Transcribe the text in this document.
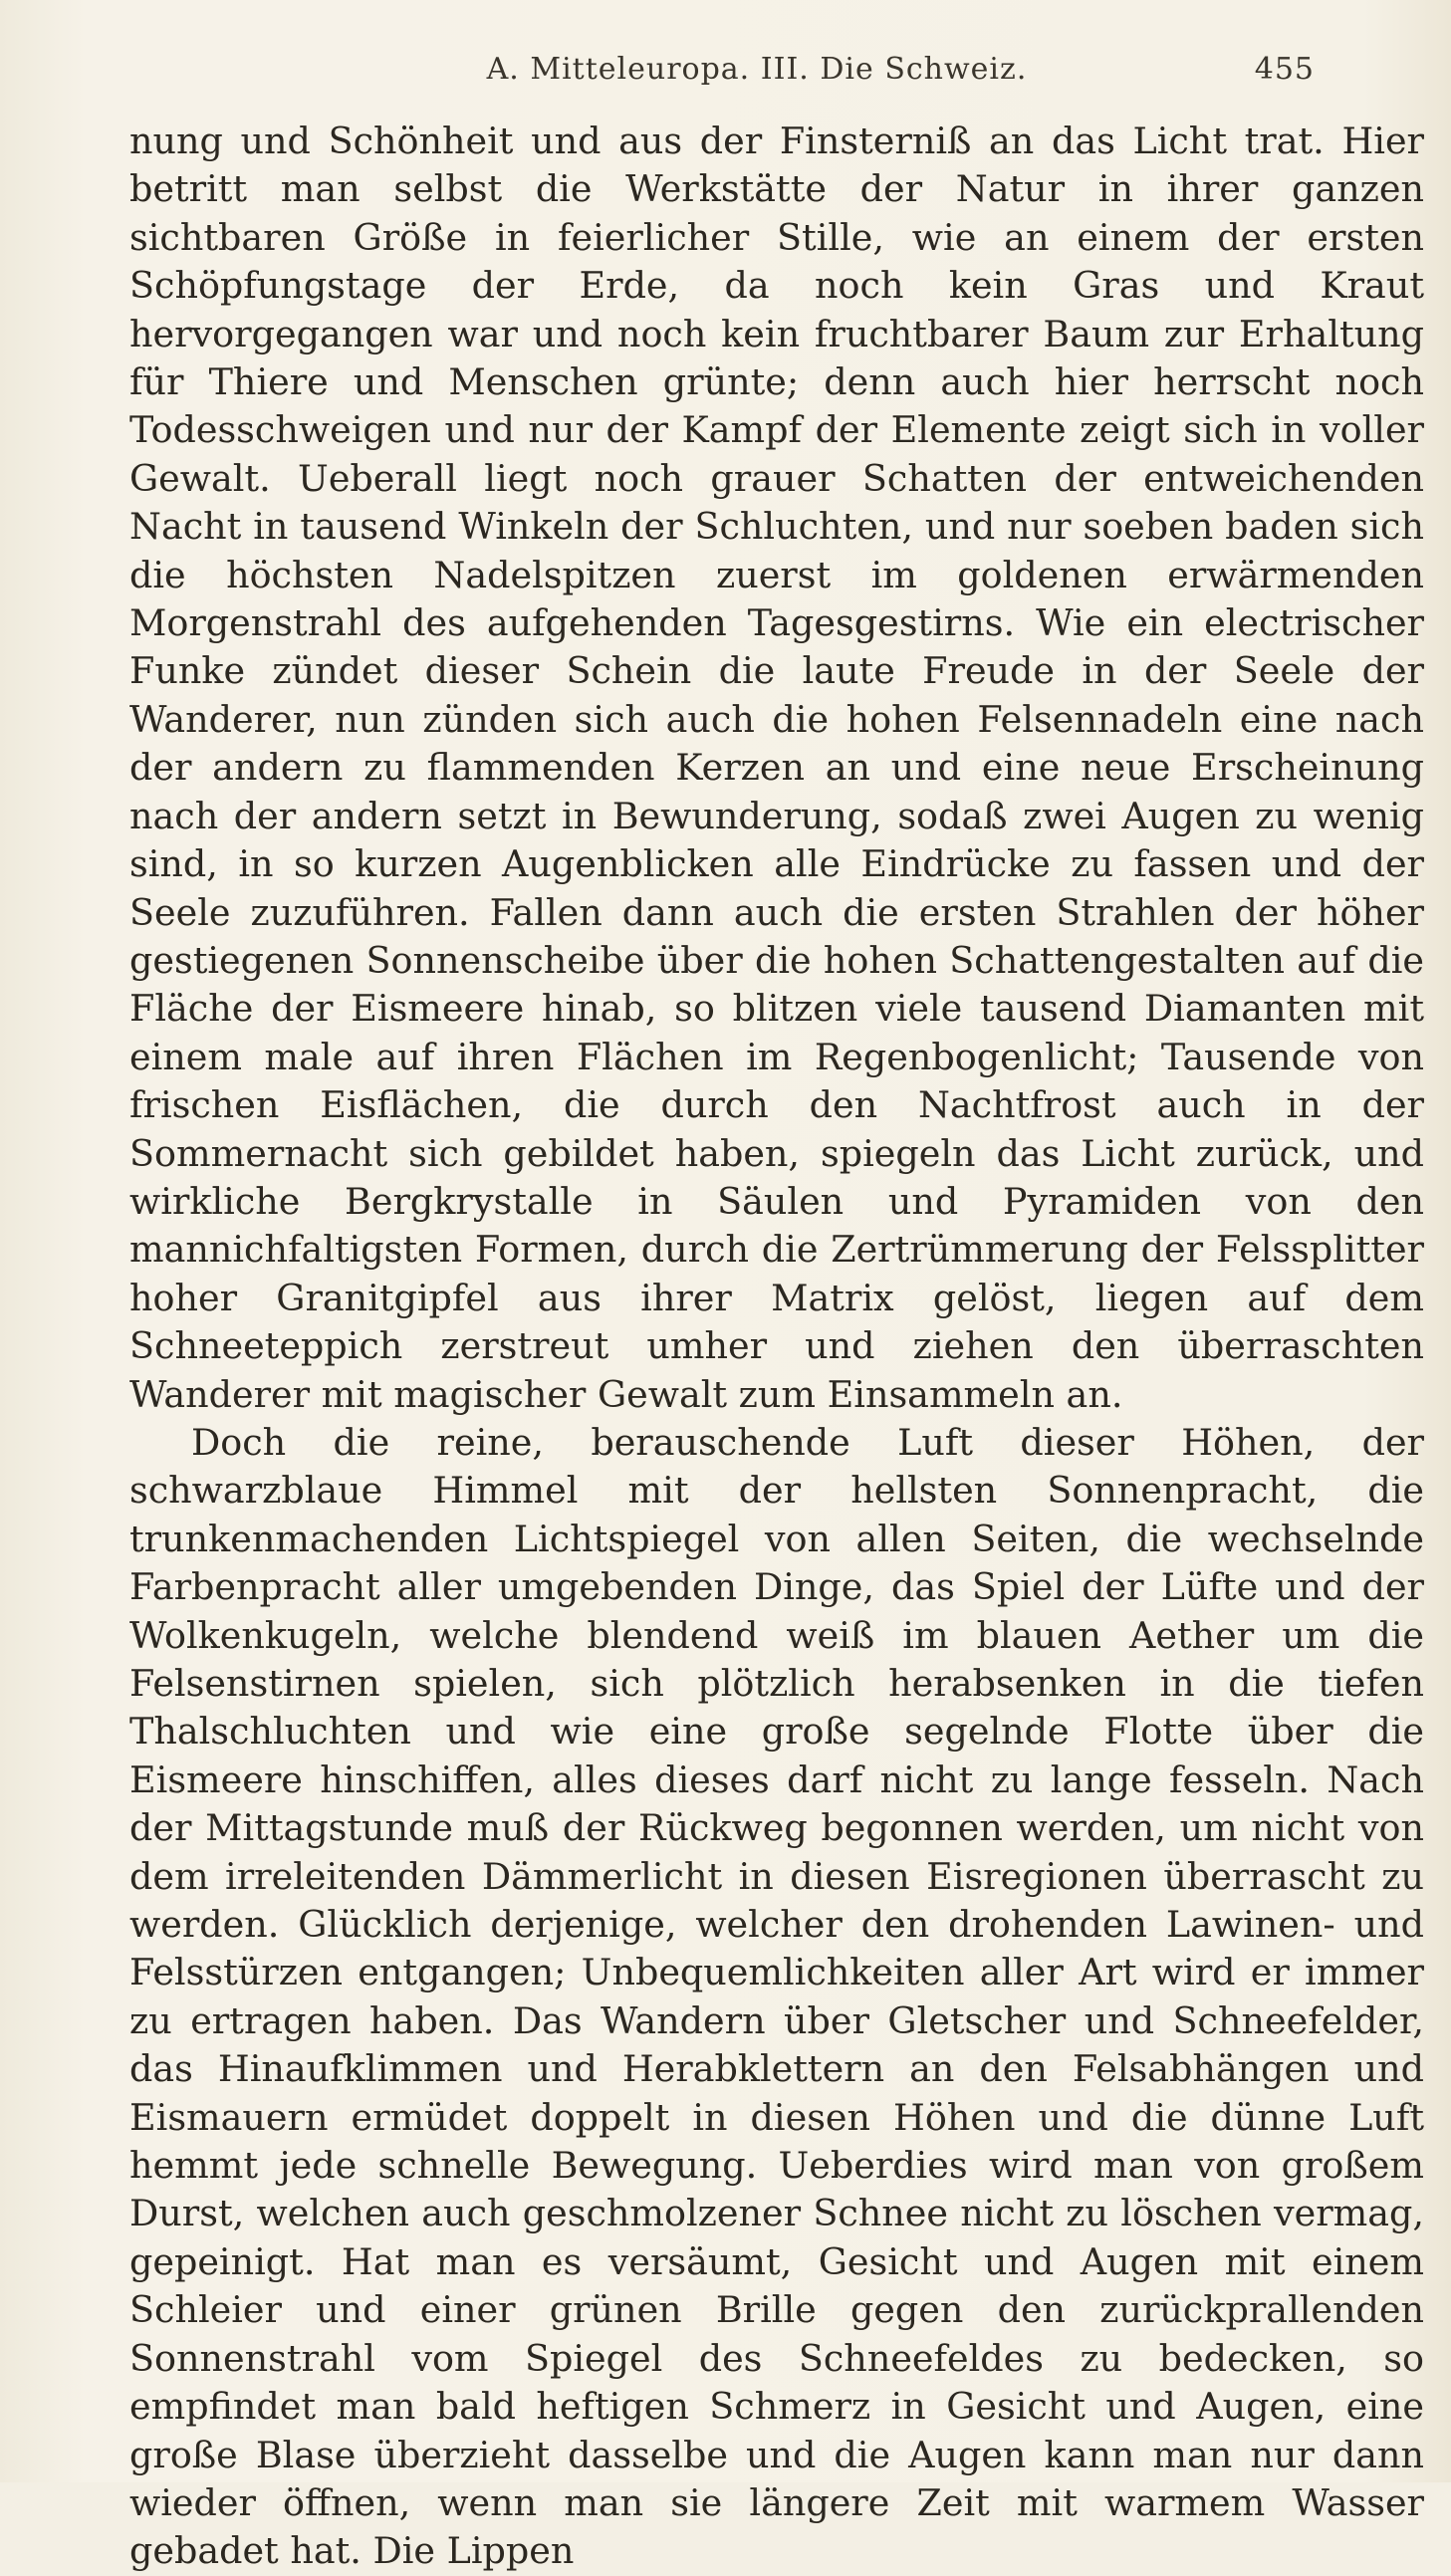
A. Mitteleuropa. III. Die Schweiz.	455

nung und Schönheit und aus der Finsterniß an das Licht trat. Hier betritt man selbst die Werkstätte der Natur in ihrer ganzen sichtbaren Größe in feierlicher Stille, wie an einem der ersten Schöpfungstage der Erde, da noch kein Gras und Kraut hervorgegangen war und noch kein fruchtbarer Baum zur Erhaltung für Thiere und Menschen grünte; denn auch hier herrscht noch Todesschweigen und nur der Kampf der Elemente zeigt sich in voller Gewalt. Ueberall liegt noch grauer Schatten der entweichenden Nacht in tausend Winkeln der Schluchten, und nur soeben baden sich die höchsten Nadelspitzen zuerst im goldenen erwärmenden Morgenstrahl des aufgehenden Tagesgestirns. Wie ein electrischer Funke zündet dieser Schein die laute Freude in der Seele der Wanderer, nun zünden sich auch die hohen Felsennadeln eine nach der andern zu flammenden Kerzen an und eine neue Erscheinung nach der andern setzt in Bewunderung, sodaß zwei Augen zu wenig sind, in so kurzen Augenblicken alle Eindrücke zu fassen und der Seele zuzuführen. Fallen dann auch die ersten Strahlen der höher gestiegenen Sonnenscheibe über die hohen Schattengestalten auf die Fläche der Eismeere hinab, so blitzen viele tausend Diamanten mit einem male auf ihren Flächen im Regenbogenlicht; Tausende von frischen Eisflächen, die durch den Nachtfrost auch in der Sommernacht sich gebildet haben, spiegeln das Licht zurück, und wirkliche Bergkrystalle in Säulen und Pyramiden von den mannichfaltigsten Formen, durch die Zertrümmerung der Felssplitter hoher Granitgipfel aus ihrer Matrix gelöst, liegen auf dem Schneeteppich zerstreut umher und ziehen den überraschten Wanderer mit magischer Gewalt zum Einsammeln an.

Doch die reine, berauschende Luft dieser Höhen, der schwarzblaue Himmel mit der hellsten Sonnenpracht, die trunkenmachenden Lichtspiegel von allen Seiten, die wechselnde Farbenpracht aller umgebenden Dinge, das Spiel der Lüfte und der Wolkenkugeln, welche blendend weiß im blauen Aether um die Felsenstirnen spielen, sich plötzlich herabsenken in die tiefen Thalschluchten und wie eine große segelnde Flotte über die Eismeere hinschiffen, alles dieses darf nicht zu lange fesseln. Nach der Mittagstunde muß der Rückweg begonnen werden, um nicht von dem irreleitenden Dämmerlicht in diesen Eisregionen überrascht zu werden. Glücklich derjenige, welcher den drohenden Lawinen- und Felsstürzen entgangen; Unbequemlichkeiten aller Art wird er immer zu ertragen haben. Das Wandern über Gletscher und Schneefelder, das Hinaufklimmen und Herabklettern an den Felsabhängen und Eismauern ermüdet doppelt in diesen Höhen und die dünne Luft hemmt jede schnelle Bewegung. Ueberdies wird man von großem Durst, welchen auch geschmolzener Schnee nicht zu löschen vermag, gepeinigt. Hat man es versäumt, Gesicht und Augen mit einem Schleier und einer grünen Brille gegen den zurückprallenden Sonnenstrahl vom Spiegel des Schneefeldes zu bedecken, so empfindet man bald heftigen Schmerz in Gesicht und Augen, eine große Blase überzieht dasselbe und die Augen kann man nur dann wieder öffnen, wenn man sie längere Zeit mit warmem Wasser gebadet hat. Die Lippen
